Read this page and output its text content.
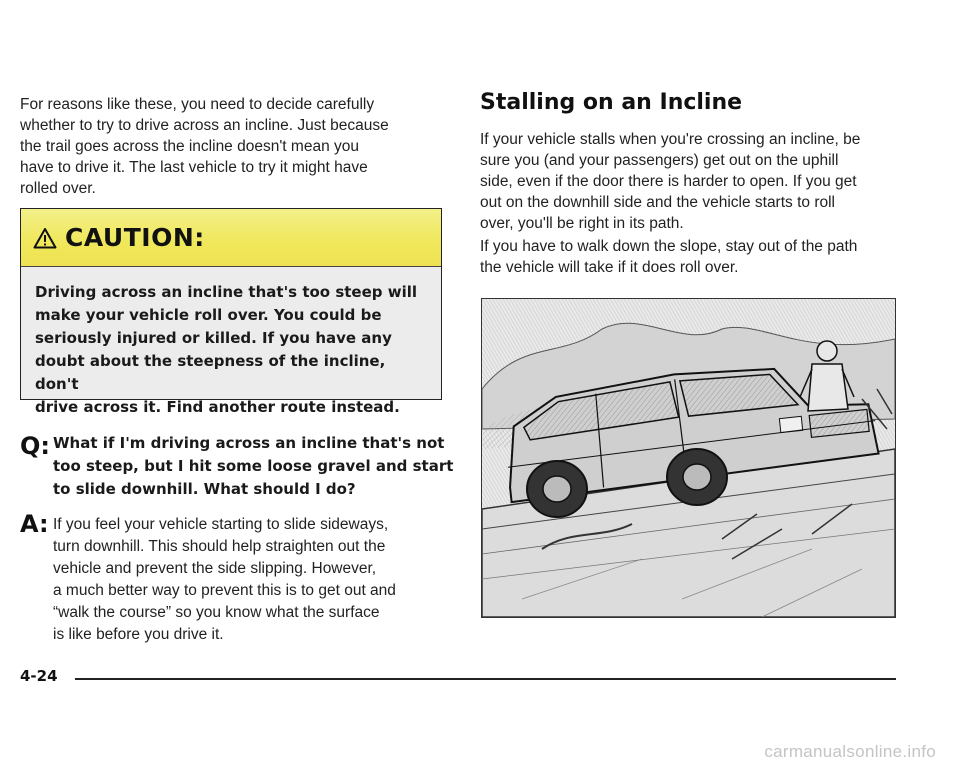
For reasons like these, you need to decide carefully
whether to try to drive across an incline. Just because
the trail goes across the incline doesn't mean you
have to drive it. The last vehicle to try it might have
rolled over.

CAUTION:
Driving across an incline that's too steep will
make your vehicle roll over. You could be
seriously injured or killed. If you have any
doubt about the steepness of the incline, don't
drive across it. Find another route instead.
Q: What if I'm driving across an incline that's not
too steep, but I hit some loose gravel and start
to slide downhill. What should I do?
A: If you feel your vehicle starting to slide sideways,
turn downhill. This should help straighten out the
vehicle and prevent the side slipping. However,
a much better way to prevent this is to get out and
“walk the course” so you know what the surface
is like before you drive it.
Stalling on an Incline

If your vehicle stalls when you're crossing an incline, be
sure you (and your passengers) get out on the uphill
side, even if the door there is harder to open. If you get
out on the downhill side and the vehicle starts to roll
over, you'll be right in its path.

If you have to walk down the slope, stay out of the path
the vehicle will take if it does roll over.

4-24
carmanualsonline.info
